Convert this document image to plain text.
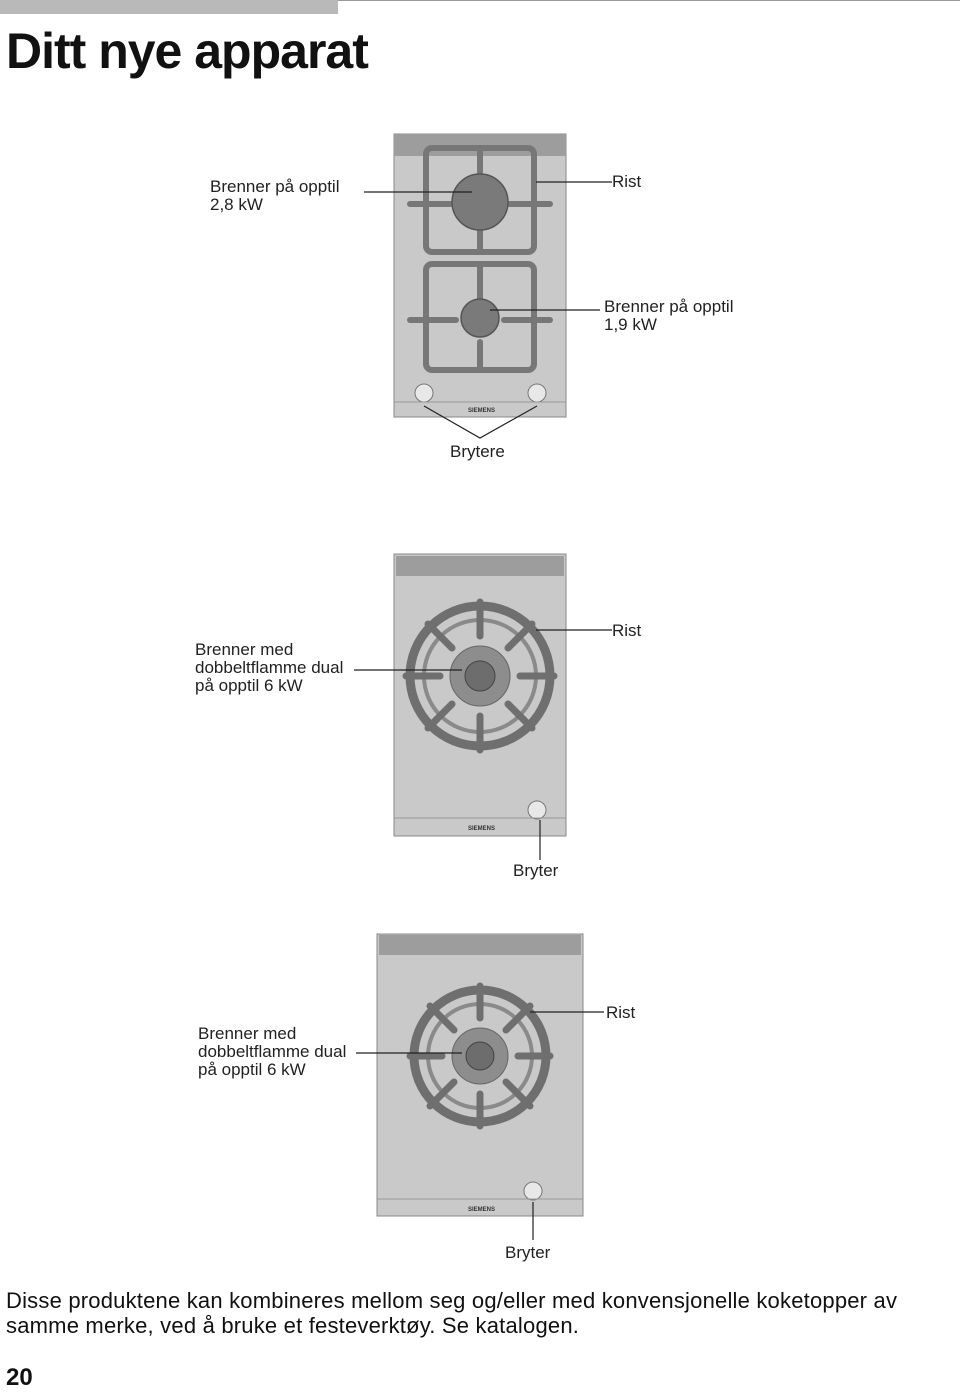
Ditt nye apparat
SIEMENS
Brenner på opptil
2,8 kW
Rist
Brenner på opptil
1,9 kW
Brytere
SIEMENS
Brenner med
dobbeltflamme dual
på opptil 6 kW
Rist
Bryter
SIEMENS
Brenner med
dobbeltflamme dual
på opptil 6 kW
Rist
Bryter

Disse produktene kan kombineres mellom seg og/eller med konvensjonelle koketopper av samme merke, ved å bruke et festeverktøy. Se katalogen.

20
